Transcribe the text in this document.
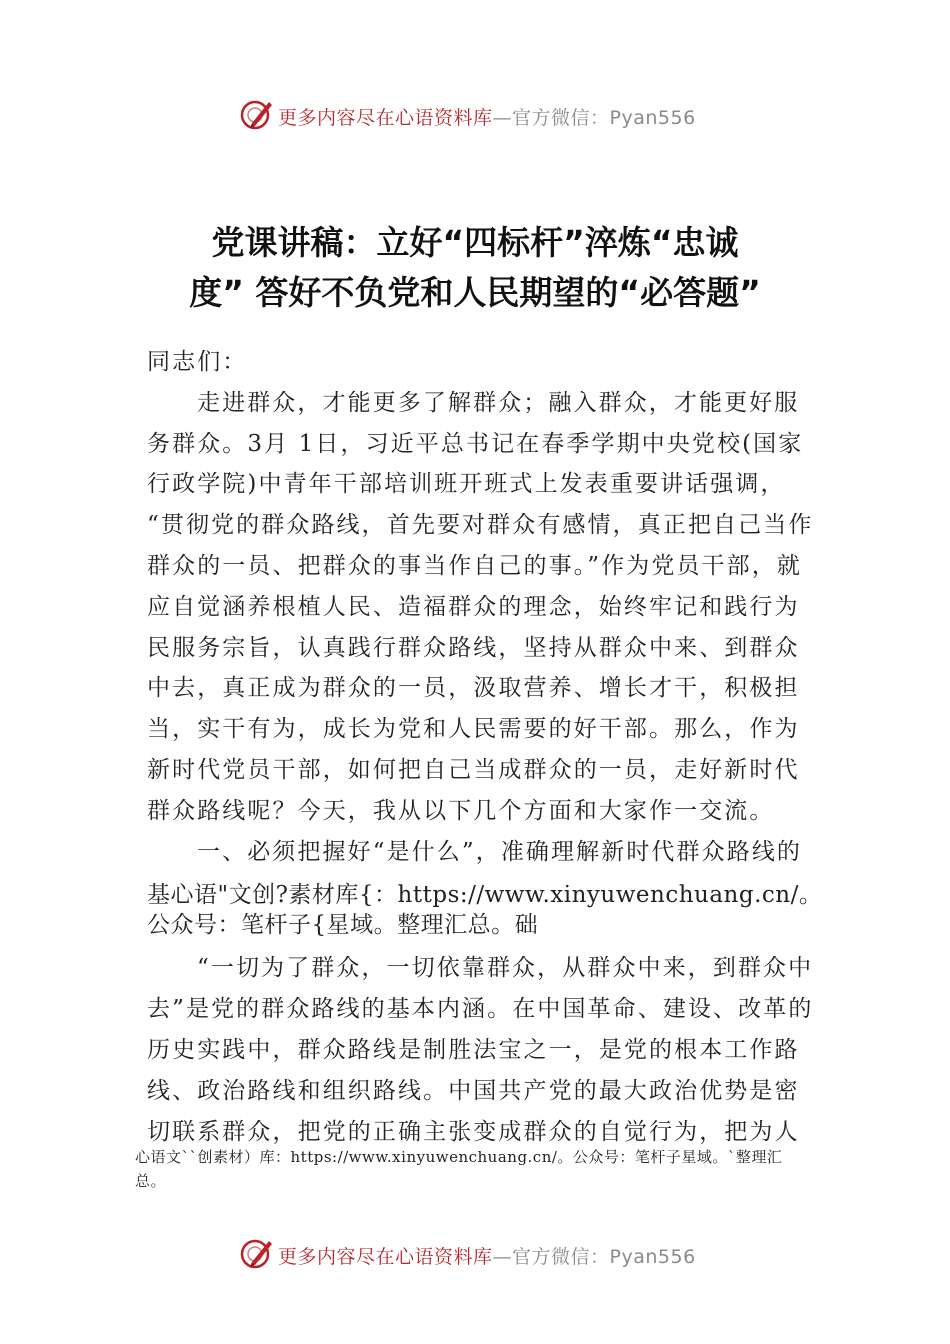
更多内容尽在心语资料库—官方微信：Pyan556
党课讲稿：立好“四标杆”淬炼“忠诚
度” 答好不负党和人民期望的“必答题”
同志们：
走进群众，才能更多了解群众；融入群众，才能更好服
务群众。3月 1日，习近平总书记在春季学期中央党校(国家
行政学院)中青年干部培训班开班式上发表重要讲话强调，
“贯彻党的群众路线，首先要对群众有感情，真正把自己当作
群众的一员、把群众的事当作自己的事。”作为党员干部，就
应自觉涵养根植人民、造福群众的理念，始终牢记和践行为
民服务宗旨，认真践行群众路线，坚持从群众中来、到群众
中去，真正成为群众的一员，汲取营养、增长才干，积极担
当，实干有为，成长为党和人民需要的好干部。那么，作为
新时代党员干部，如何把自己当成群众的一员，走好新时代
群众路线呢？今天，我从以下几个方面和大家作一交流。
一、必须把握好“是什么”，准确理解新时代群众路线的
基心语"文创?素材库{：https://www.xinyuwenchuang.cn/。
公众号：笔杆子{星域。整理汇总。础
“一切为了群众，一切依靠群众，从群众中来，到群众中
去”是党的群众路线的基本内涵。在中国革命、建设、改革的
历史实践中，群众路线是制胜法宝之一，是党的根本工作路
线、政治路线和组织路线。中国共产党的最大政治优势是密
切联系群众，把党的正确主张变成群众的自觉行为，把为人
心语文``创素材）库：https://www.xinyuwenchuang.cn/。公众号：笔杆子星域。`整理汇
总。
更多内容尽在心语资料库—官方微信：Pyan556
